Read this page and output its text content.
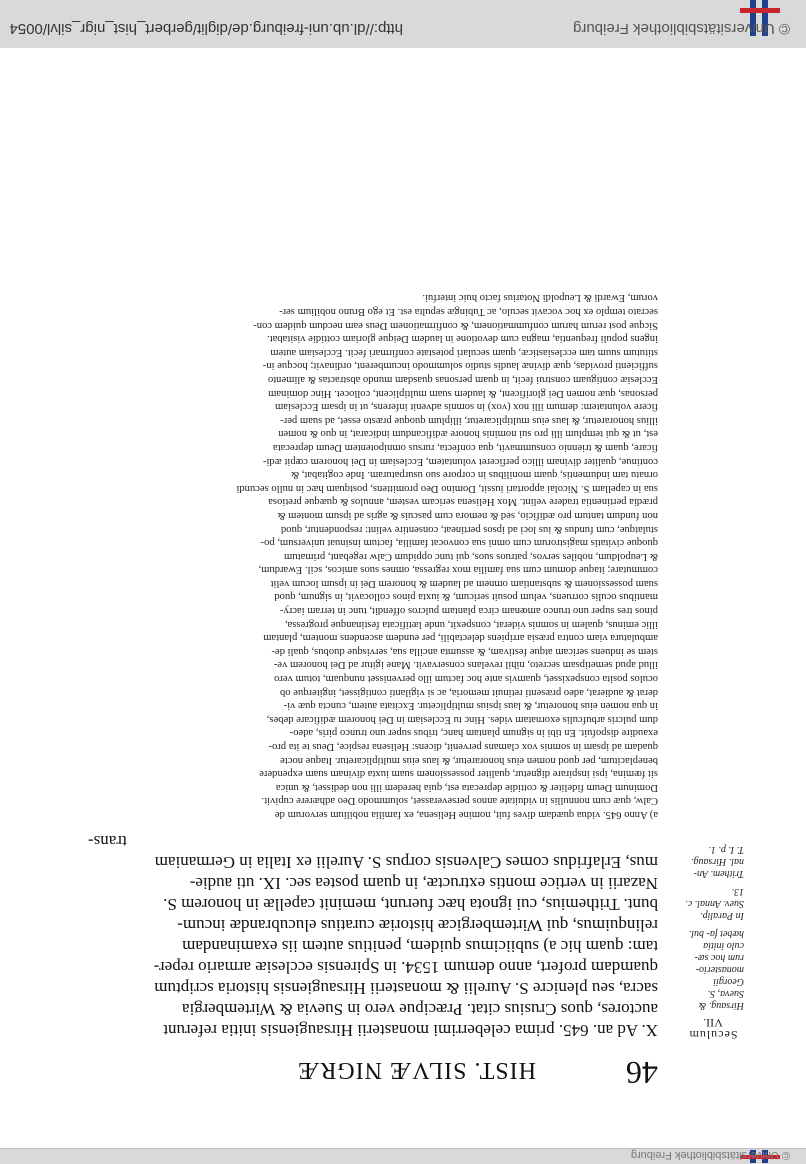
http://dl.ub.uni-freiburg.de/diglit/gerbert_hist_nigr_silvl/0054	© Universitätsbibliothek Freiburg
© Universitätsbibliothek Freiburg
46
HIST. SILVÆ NIGRÆ
Seculum
VII.
Hirsaug. & Sueva, S. Georgii monasterio- rum hoc sæ- culo initia hæbet fa- bul.
In Paralip. Suev. Annal. c. 13.
Trithem. An- nal. Hirsaug. T. I. p. 1.
X. Ad an. 645. prima celeberrimi monasterii Hirsaugiensis initia referunt
auctores, quos Crusius citat. Præcipue vero in Suevia & Wirtembergia
sacra, seu plenicre S. Aurelii & monasterii Hirsaugiensis historia scriptum
quamdam profert, anno demum 1534. in Spirensis ecclesiæ armario reper-
tam: quam hic a) subiicimus quidem, penitius autem iis examinandam
relinquimus, qui Wirtembergicæ historiæ curatius elucubrandæ incum-
bunt. Trithemius, cui ignota hæc fuerunt, meminit capellæ in honorem S.
Nazarii in vertice montis extructæ, in quam postea sec. IX. uti audie-
mus, Erlafridus comes Calvensis corpus S. Aurelii ex Italia in Germaniam
trans-
a) Anno 645. vidua quædam dives fuit, nomine Helisena, ex familia nobilium servorum de
Calw, quæ cum nonnullis in viduitate annos perseverasset, solummodo Deo adhærere cupivit.
Dominum Deum fideliter & cottidie deprecata est, quia heredem illi non dedisset, & unica
sit fœmina, ipsi inspirare dignetur, qualiter possessionem suam iuxta divinam suam expendere
beneplacitum, per quod nomen eius honoraretur, & laus eius multiplicaretur. Itaque nocte
quadam ad ipsam in somnis vox clamans pervenit, dicens: Helisena respice, Deus te ita pro-
exaudire dispofuit. En tibi in signum plantam hanc, tribus super uno trunco piris, adeo-
dum pulcris arbufculis exornatam vides. Hinc tu Ecclesiam in Dei honorem ædificare debes,
in qua nomen eius honoretur, & laus ipsius multiplicetur. Excitata autem, cuncta quæ vi-
derat & audierat, adeo præsenti retinuit memoria, ac si vigilanti contigisset, ingiterque ob
oculos posita conspexisset, quamvis ante hoc factum illo pervenisset nunquam, totum vero
illud apud semetipsam secreto, nihil revelans conservavit. Mane igitur ad Dei honorem ve-
stem se induens sericam atque festivam, & assumta ancilla sua, servisque duobus, quali de-
ambulatura viam contra præsia arripiens delectabili, per eundem ascendens montem, plantam
illic eminus, qualem in somnis viderat, conspexit, unde lætificata festinanque progressa,
pinos tres super uno trunco amœnam circa plantam pulcros offendit, tunc in terram iacry-
mantibus oculis corruens, velum posuit sericum, & iuxta pinos collocavit, in signum, quod
suam possessionem & substantiam omnem ad laudem & honorem Dei in ipsum locum velit
commutare; itaque domum cum sua familia mox regressa, omnes suos amicos, scil. Ewardum,
& Leupoldum, nobiles servos, patruos suos, qui tunc oppidum Calw regebant, primatum
quoque civitatis magistrorum cum omni sua convocat familia, factum insinuat universum, po-
stulatque, cum fundus & ius loci ad ipsos pertineat, consentire velint: respondentur, quod
non fundum tantum pro ædificio, sed & nemora cum pascuis & agris ad ipsum montem &
prædia pertinentia tradere velint. Mox Helisena sericam vestem, annulos & quæque pretiosa
sua in capellam S. Nicolai apportari iussit, Domino Deo promittens, postquam hæc in nullo secundi
ornatu tam indumentis, quam monilibus in corpore suo usurpaturam. Inde cogitabat, &
continue, qualiter divinam illico perficeret voluntatem, Ecclesiam in Dei honorem cœpit ædi-
ficare, quam & triennio consummavit, qua confecta, rursus omnipotentem Deum deprecata
est, ut & qui templum illi pro sui nominis honore ædificandum indicarat, in quo & nomen
illius honoraretur, & laus eius multiplicaretur, illiplum quoque præsto esset, ad suam per-
ficere voluntatem: demum illi nox (vox) in somnis advenit inferens, ut in ipsam Ecclesiam
personas, quæ nomen Dei glorificent, & laudem suam multiplicent, collocet. Hinc dominam
Ecclesiæ contiguam construi fecit, in quam personas quasdam mundo abstractas & alimento
sufficienti providas, quæ divinæ laudis studio solummodo incumberent, ordinavit; hocque in-
stitutum suum tam ecclesiasticæ, quam seculari potestate confirmari fecit. Ecclesiam autem
ingens populi frequentia, magna cum devotione in laudem Deique gloriam cottidie visitabat.
Sicque post rerum harum confummationem, & confirmationem Deus eam necdum quidem con-
secrato templo ex hoc vocavit seculo, ac Tubingæ sepulta est. Et ego Bruno nobilium ser-
vorum, Ewardi & Leupoldi Notarius facto huic interfui.
